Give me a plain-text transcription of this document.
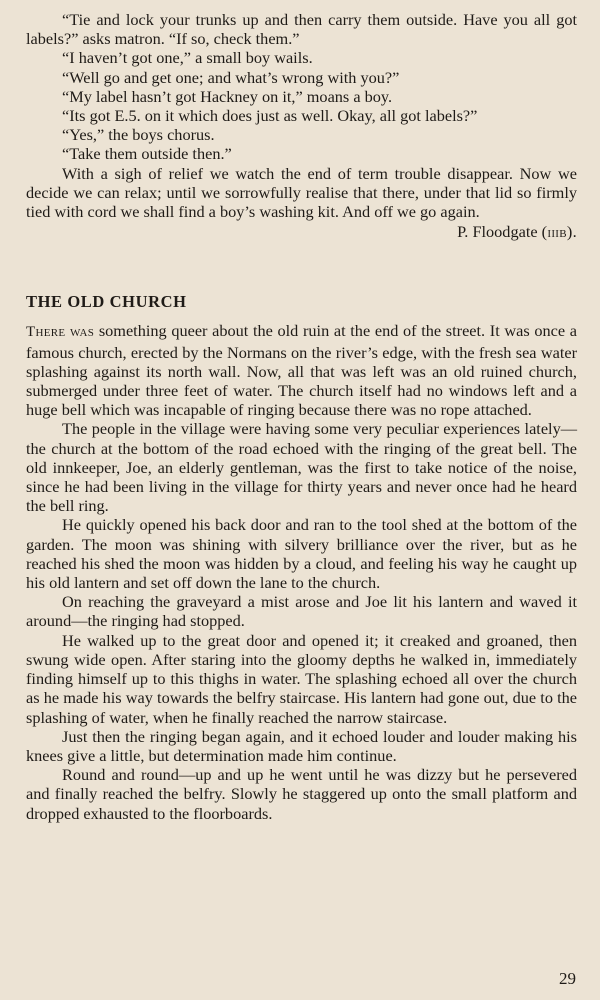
“Tie and lock your trunks up and then carry them outside. Have you all got labels?” asks matron. “If so, check them.”

“I haven’t got one,” a small boy wails.

“Well go and get one; and what’s wrong with you?”

“My label hasn’t got Hackney on it,” moans a boy.

“Its got E.5. on it which does just as well. Okay, all got labels?”

“Yes,” the boys chorus.

“Take them outside then.”

With a sigh of relief we watch the end of term trouble disappear. Now we decide we can relax; until we sorrowfully realise that there, under that lid so firmly tied with cord we shall find a boy’s washing kit. And off we go again.

P. Floodgate (iiib).

THE OLD CHURCH

There was something queer about the old ruin at the end of the street. It was once a famous church, erected by the Normans on the river’s edge, with the fresh sea water splashing against its north wall. Now, all that was left was an old ruined church, submerged under three feet of water. The church itself had no windows left and a huge bell which was incapable of ringing because there was no rope attached.

The people in the village were having some very peculiar experiences lately—the church at the bottom of the road echoed with the ringing of the great bell. The old innkeeper, Joe, an elderly gentleman, was the first to take notice of the noise, since he had been living in the village for thirty years and never once had he heard the bell ring.

He quickly opened his back door and ran to the tool shed at the bottom of the garden. The moon was shining with silvery brilliance over the river, but as he reached his shed the moon was hidden by a cloud, and feeling his way he caught up his old lantern and set off down the lane to the church.

On reaching the graveyard a mist arose and Joe lit his lantern and waved it around—the ringing had stopped.

He walked up to the great door and opened it; it creaked and groaned, then swung wide open. After staring into the gloomy depths he walked in, immediately finding himself up to this thighs in water. The splashing echoed all over the church as he made his way towards the belfry staircase. His lantern had gone out, due to the splashing of water, when he finally reached the narrow staircase.

Just then the ringing began again, and it echoed louder and louder making his knees give a little, but determination made him continue.

Round and round—up and up he went until he was dizzy but he persevered and finally reached the belfry. Slowly he staggered up onto the small platform and dropped exhausted to the floorboards.

29
